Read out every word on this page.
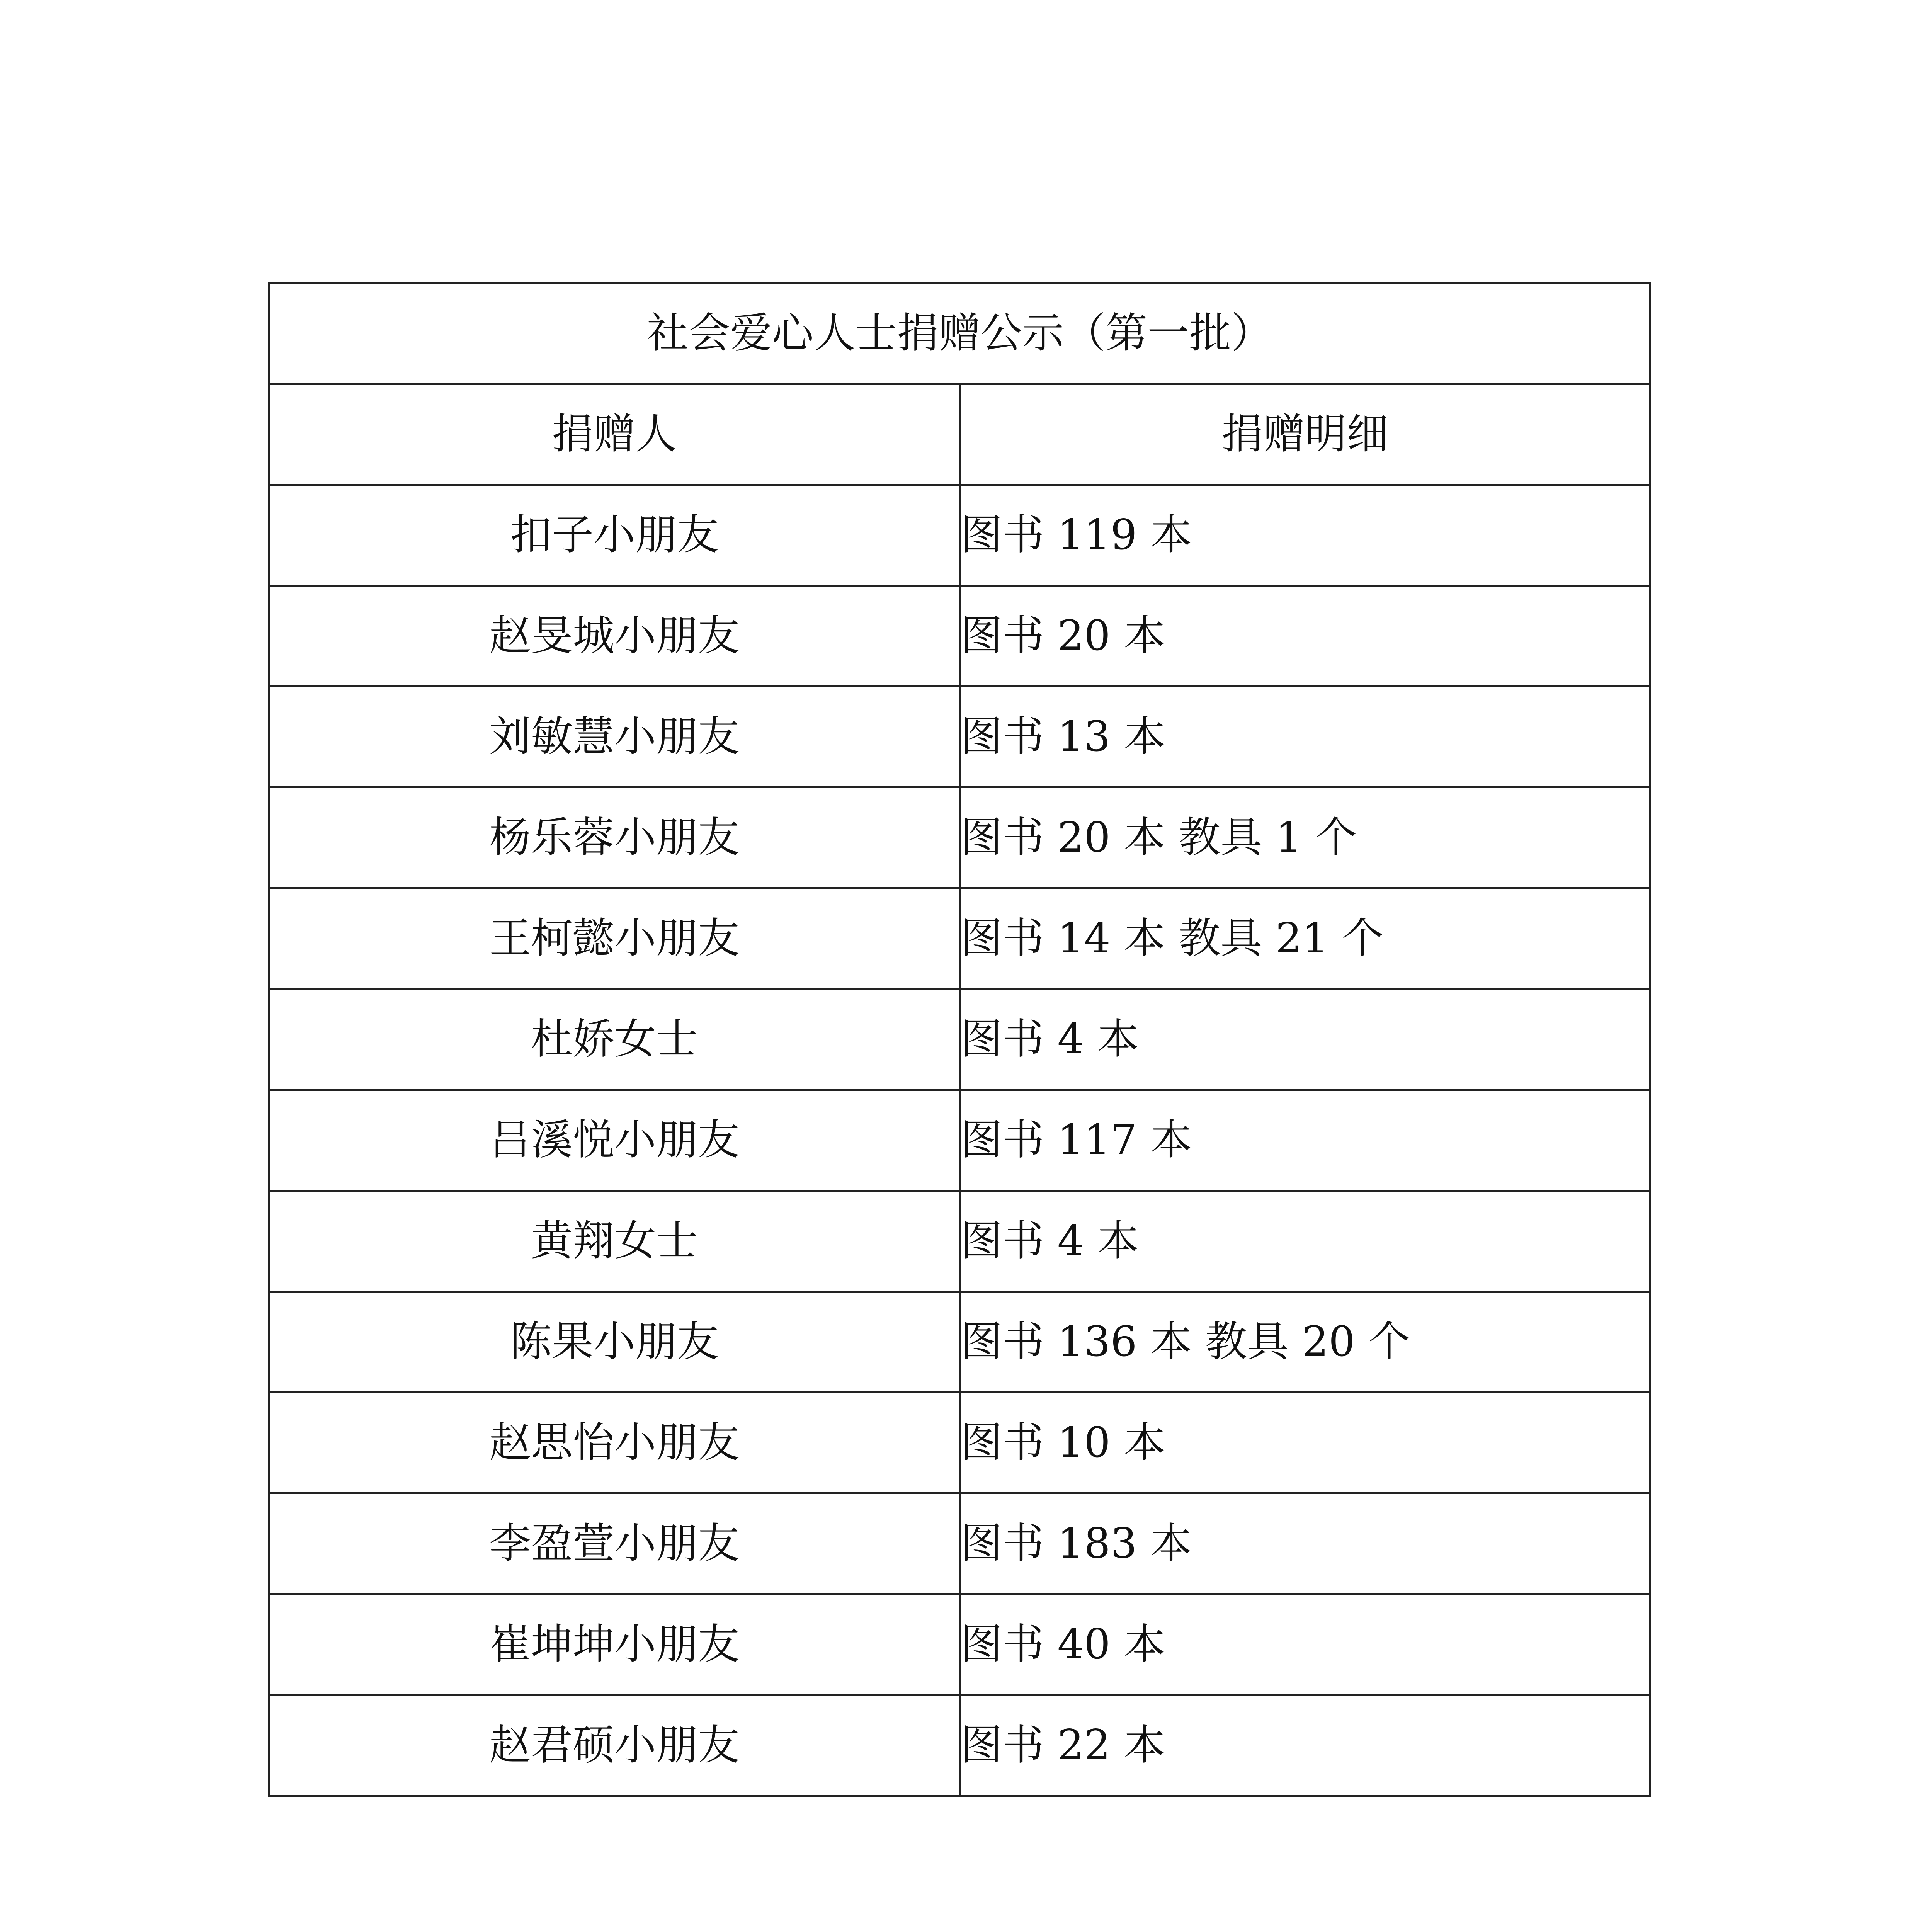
社会爱心人士捐赠公示（第一批）	
捐赠人	捐赠明细
扣子小朋友	图书 119 本
赵旻城小朋友	图书 20 本
刘敏慧小朋友	图书 13 本
杨乐蓉小朋友	图书 20 本 教具 1 个
王柯懿小朋友	图书 14 本 教具 21 个
杜娇女士	图书 4 本
吕溪悦小朋友	图书 117 本
黄翔女士	图书 4 本
陈果小朋友	图书 136 本 教具 20 个
赵思怡小朋友	图书 10 本
李盈萱小朋友	图书 183 本
崔坤坤小朋友	图书 40 本
赵君硕小朋友	图书 22 本
